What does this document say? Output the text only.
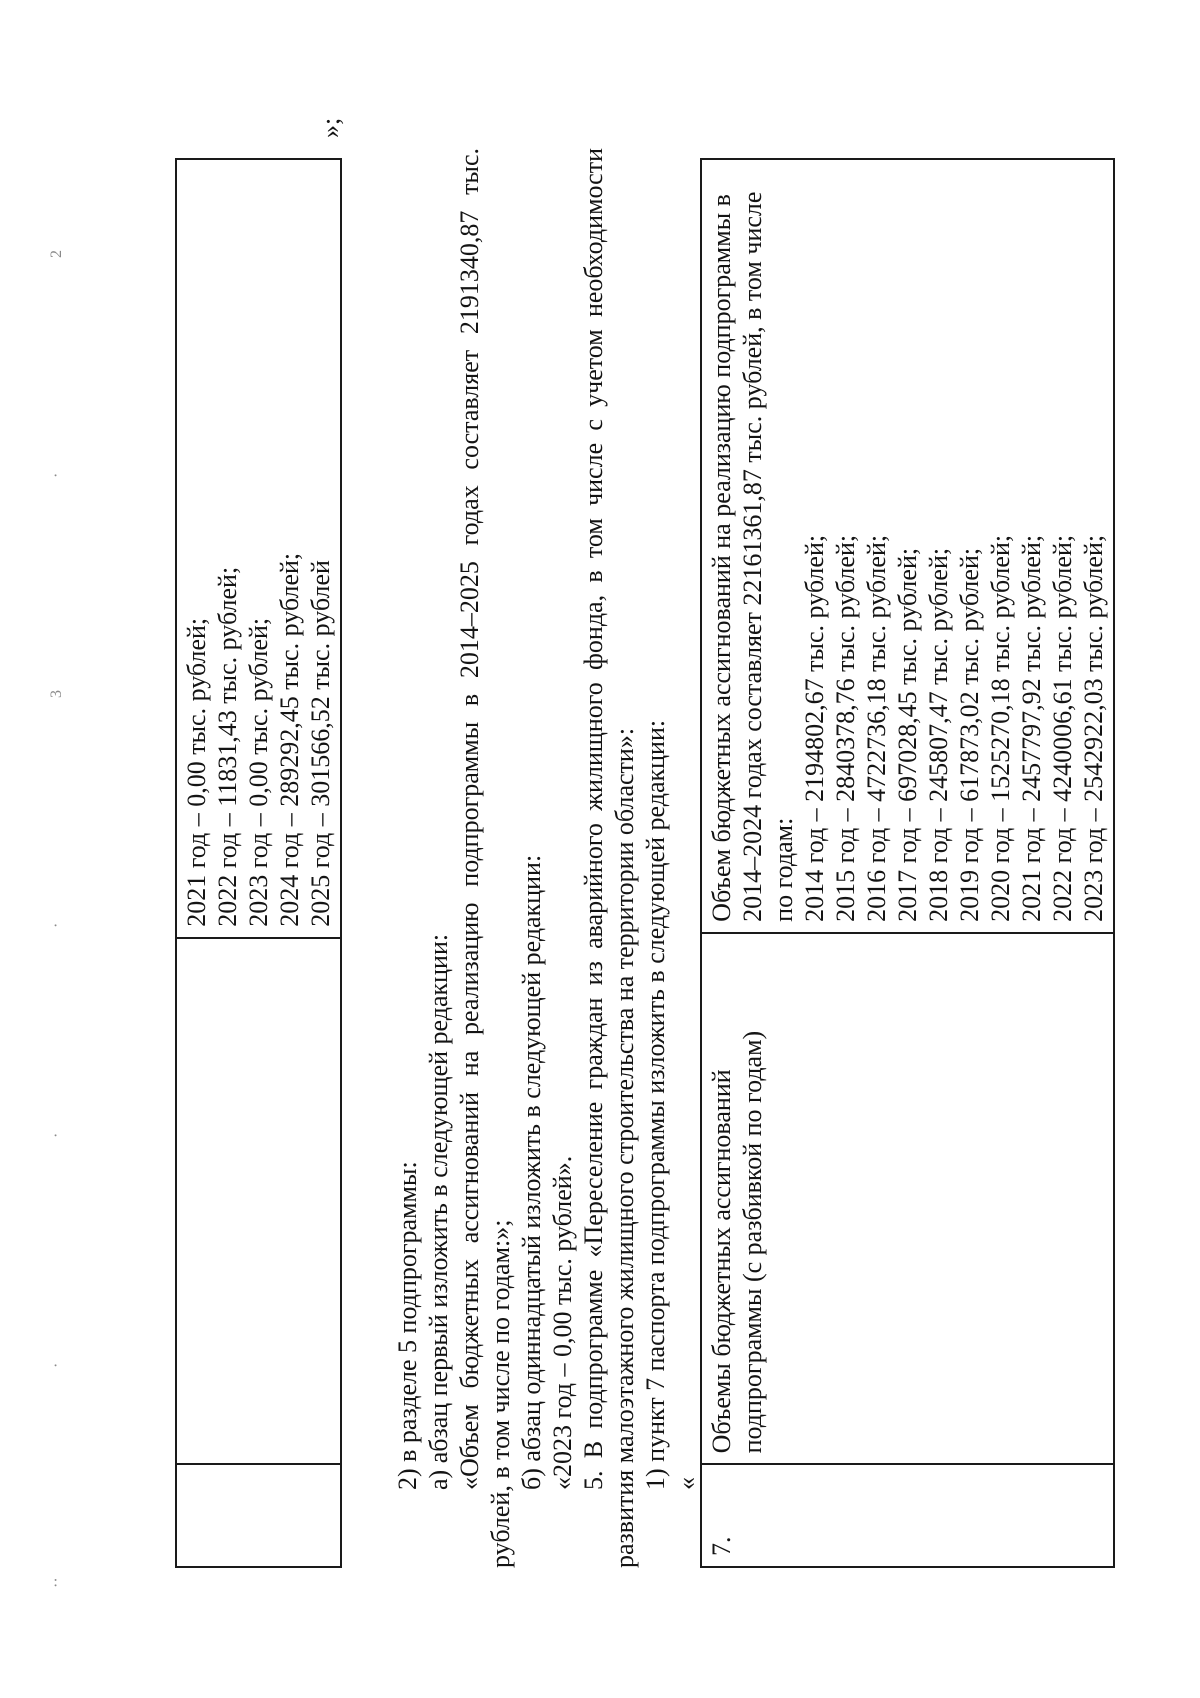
··
·
·
·
3
·
2

2021 год – 0,00 тыс. рублей; 2022 год – 11831,43 тыс. рублей; 2023 год – 0,00 тыс. рублей; 2024 год – 289292,45 тыс. рублей; 2025 год – 301566,52 тыс. рублей
»;
2) в разделе 5 подпрограммы: а) абзац первый изложить в следующей редакции: «Объем бюджетных ассигнований на реализацию подпрограммы в 2014–2025 годах составляет 2191340,87 тыс. рублей, в том числе по годам:»; б) абзац одиннадцатый изложить в следующей редакции: «2023 год – 0,00 тыс. рублей». 5. В подпрограмме «Переселение граждан из аварийного жилищного фонда, в том числе с учетом необходимости развития малоэтажного жилищного строительства на территории области»: 1) пункт 7 паспорта подпрограммы изложить в следующей редакции: «
7.	Объемы бюджетных ассигнований подпрограммы (с разбивкой по годам)	
Объем бюджетных ассигнований на реализацию подпрограммы в 2014–2024 годах составляет 22161361,87 тыс. рублей, в том числе по годам: 2014 год – 2194802,67 тыс. рублей; 2015 год – 2840378,76 тыс. рублей; 2016 год – 4722736,18 тыс. рублей; 2017 год – 697028,45 тыс. рублей; 2018 год – 245807,47 тыс. рублей; 2019 год – 617873,02 тыс. рублей; 2020 год – 1525270,18 тыс. рублей; 2021 год – 2457797,92 тыс. рублей; 2022 год – 4240006,61 тыс. рублей; 2023 год – 2542922,03 тыс. рублей;
